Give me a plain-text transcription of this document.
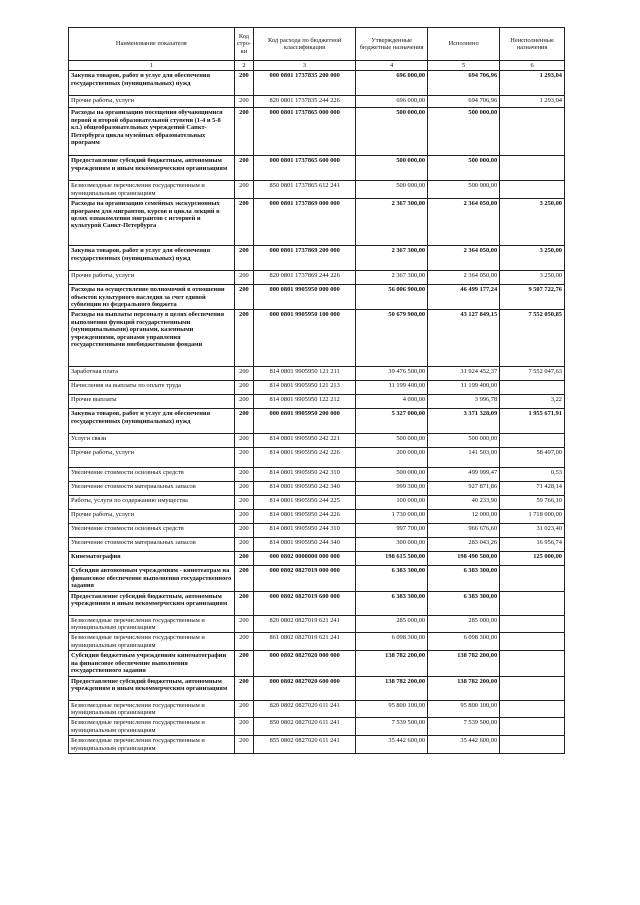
Наименование показателя	Код стро-ки	Код расхода по бюджетной классификации	Утвержденные бюджетные назначения	Исполнено	Неисполненные назначения
1	2	3	4	5	6
Закупка товаров, работ и услуг для обеспечения государственных (муниципальных) нужд	200	000 0801 1737835 200 000	696 000,00	694 706,96	1 293,04
Прочие работы, услуги	200	820 0801 1737835 244 226	696 000,00	694 706,96	1 293,04
Расходы на организацию посещения обучающимися первой и второй образовательной ступени (1-4 и 5-8 кл.) общеобразовательных учреждений Санкт-Петербурга цикла музейных образовательных программ	200	000 0801 1737865 000 000	500 000,00	500 000,00	
Предоставление субсидий бюджетным, автономным учреждениям и иным некоммерческим организациям	200	000 0801 1737865 600 000	500 000,00	500 000,00	
Безвозмездные перечисления государственным и муниципальным организациям	200	850 0801 1737865 612 241	500 000,00	500 000,00	
Расходы на организацию семейных экскурсионных программ для мигрантов, курсов и цикла лекций в целях ознакомления мигрантов с историей и культурой Санкт-Петербурга	200	000 0801 1737869 000 000	2 367 300,00	2 364 050,00	3 250,00
Закупка товаров, работ и услуг для обеспечения государственных (муниципальных) нужд	200	000 0801 1737869 200 000	2 367 300,00	2 364 050,00	3 250,00
Прочие работы, услуги	200	820 0801 1737869 244 226	2 367 300,00	2 364 050,00	3 250,00
Расходы на осуществление полномочий в отношении объектов культурного наследия за счет единой субвенции из федерального бюджета	200	000 0801 9905950 000 000	56 006 900,00	46 499 177,24	9 507 722,76
Расходы на выплаты персоналу в целях обеспечения выполнения функций государственными (муниципальными) органами, казенными учреждениями, органами управления государственными внебюджетными фондами	200	000 0801 9905950 100 000	50 679 900,00	43 127 849,15	7 552 050,85
Заработная плата	200	814 0801 9905950 121 211	39 476 500,00	31 924 452,37	7 552 047,63
Начисления на выплаты по оплате труда	200	814 0801 9905950 121 213	11 199 400,00	11 199 400,00	
Прочие выплаты	200	814 0801 9905950 122 212	4 000,00	3 996,78	3,22
Закупка товаров, работ и услуг для обеспечения государственных (муниципальных) нужд	200	000 0801 9905950 200 000	5 327 000,00	3 371 328,09	1 955 671,91
Услуги связи	200	814 0801 9905950 242 221	500 000,00	500 000,00	
Прочие работы, услуги	200	814 0801 9905950 242 226	200 000,00	141 503,00	58 497,00
Увеличение стоимости основных средств	200	814 0801 9905950 242 310	500 000,00	499 999,47	0,53
Увеличение стоимости материальных запасов	200	814 0801 9905950 242 340	999 300,00	927 871,86	71 428,14
Работы, услуги по содержанию имущества	200	814 0801 9905950 244 225	100 000,00	40 233,90	59 766,10
Прочие работы, услуги	200	814 0801 9905950 244 226	1 730 000,00	12 000,00	1 718 000,00
Увеличение стоимости основных средств	200	814 0801 9905950 244 310	997 700,00	966 676,60	31 023,40
Увеличение стоимости материальных запасов	200	814 0801 9905950 244 340	300 000,00	283 043,26	16 956,74
Кинематография	200	000 0802 0000000 000 000	198 615 500,00	198 490 500,00	125 000,00
Субсидии автономным учреждениям - кинотеатрам на финансовое обеспечение выполнения государственного задания	200	000 0802 0827019 000 000	6 383 300,00	6 383 300,00	
Предоставление субсидий бюджетным, автономным учреждениям и иным некоммерческим организациям	200	000 0802 0827019 600 000	6 383 300,00	6 383 300,00	
Безвозмездные перечисления государственным и муниципальным организациям	200	820 0802 0827019 621 241	285 000,00	285 000,00	
Безвозмездные перечисления государственным и муниципальным организациям	200	861 0802 0827019 621 241	6 098 300,00	6 098 300,00	
Субсидии бюджетным учреждениям кинематографии на финансовое обеспечение выполнения государственного задания	200	000 0802 0827020 000 000	138 782 200,00	138 782 200,00	
Предоставление субсидий бюджетным, автономным учреждениям и иным некоммерческим организациям	200	000 0802 0827020 600 000	138 782 200,00	138 782 200,00	
Безвозмездные перечисления государственным и муниципальным организациям	200	820 0802 0827020 611 241	95 800 100,00	95 800 100,00	
Безвозмездные перечисления государственным и муниципальным организациям	200	850 0802 0827020 611 241	7 539 500,00	7 539 500,00	
Безвозмездные перечисления государственным и муниципальным организациям	200	855 0802 0827020 611 241	35 442 600,00	35 442 600,00	
